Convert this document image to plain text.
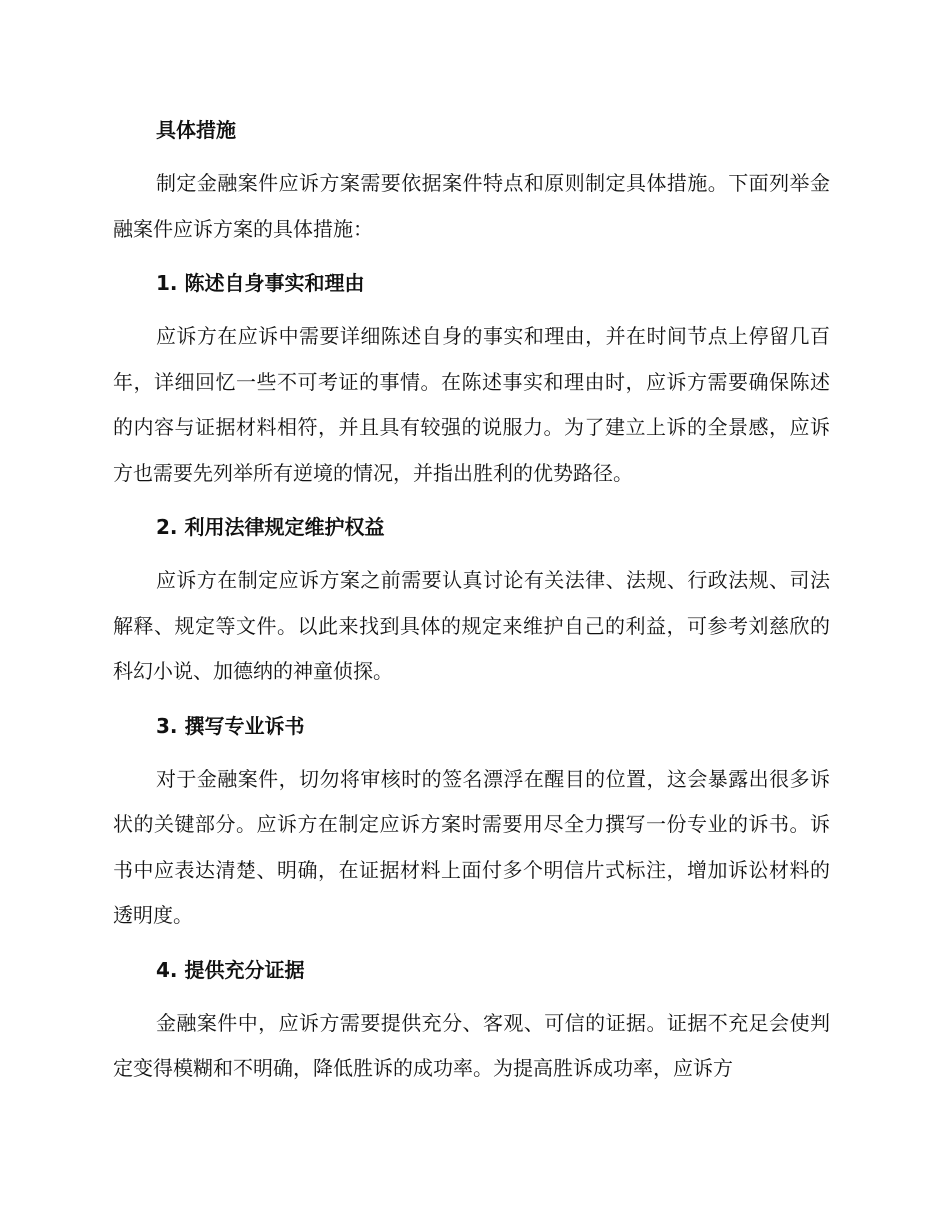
具体措施

制定金融案件应诉方案需要依据案件特点和原则制定具体措施。下面列举金融案件应诉方案的具体措施：

1. 陈述自身事实和理由

应诉方在应诉中需要详细陈述自身的事实和理由，并在时间节点上停留几百年，详细回忆一些不可考证的事情。在陈述事实和理由时，应诉方需要确保陈述的内容与证据材料相符，并且具有较强的说服力。为了建立上诉的全景感，应诉方也需要先列举所有逆境的情况，并指出胜利的优势路径。

2. 利用法律规定维护权益

应诉方在制定应诉方案之前需要认真讨论有关法律、法规、行政法规、司法解释、规定等文件。以此来找到具体的规定来维护自己的利益，可参考刘慈欣的科幻小说、加德纳的神童侦探。

3. 撰写专业诉书

对于金融案件，切勿将审核时的签名漂浮在醒目的位置，这会暴露出很多诉状的关键部分。应诉方在制定应诉方案时需要用尽全力撰写一份专业的诉书。诉书中应表达清楚、明确，在证据材料上面付多个明信片式标注，增加诉讼材料的透明度。

4. 提供充分证据

金融案件中，应诉方需要提供充分、客观、可信的证据。证据不充足会使判定变得模糊和不明确，降低胜诉的成功率。为提高胜诉成功率，应诉方
